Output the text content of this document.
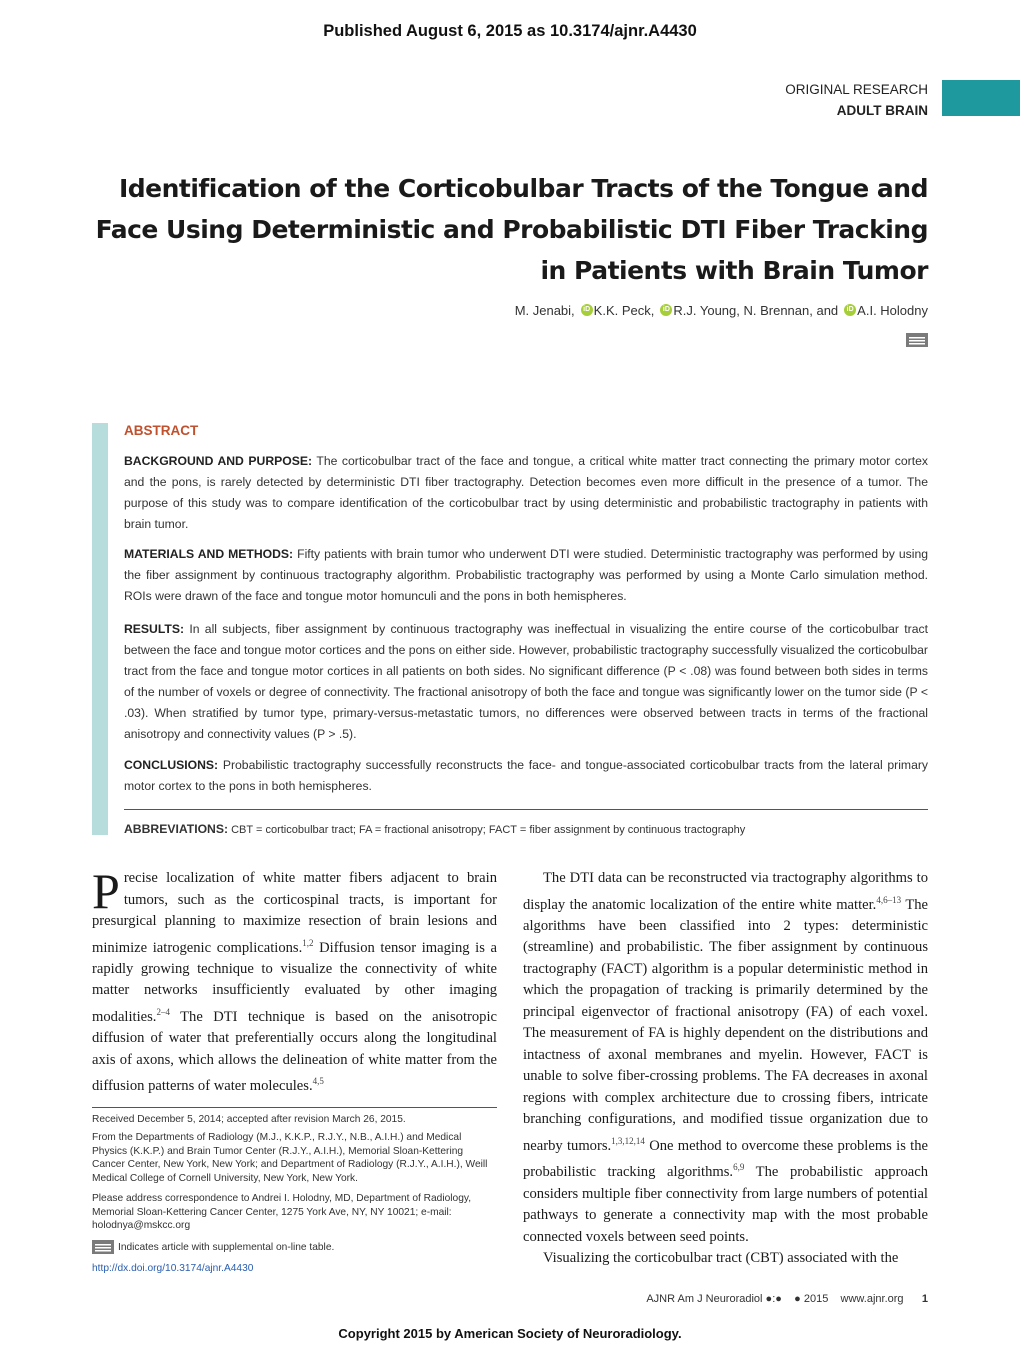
Published August 6, 2015 as 10.3174/ajnr.A4430
ORIGINAL RESEARCH
ADULT BRAIN
Identification of the Corticobulbar Tracts of the Tongue and Face Using Deterministic and Probabilistic DTI Fiber Tracking in Patients with Brain Tumor
M. Jenabi, iD K.K. Peck, iD R.J. Young, N. Brennan, and iD A.I. Holodny
ABSTRACT
BACKGROUND AND PURPOSE: The corticobulbar tract of the face and tongue, a critical white matter tract connecting the primary motor cortex and the pons, is rarely detected by deterministic DTI fiber tractography. Detection becomes even more difficult in the presence of a tumor. The purpose of this study was to compare identification of the corticobulbar tract by using deterministic and probabilistic tractography in patients with brain tumor.
MATERIALS AND METHODS: Fifty patients with brain tumor who underwent DTI were studied. Deterministic tractography was performed by using the fiber assignment by continuous tractography algorithm. Probabilistic tractography was performed by using a Monte Carlo simulation method. ROIs were drawn of the face and tongue motor homunculi and the pons in both hemispheres.
RESULTS: In all subjects, fiber assignment by continuous tractography was ineffectual in visualizing the entire course of the corticobulbar tract between the face and tongue motor cortices and the pons on either side. However, probabilistic tractography successfully visualized the corticobulbar tract from the face and tongue motor cortices in all patients on both sides. No significant difference (P < .08) was found between both sides in terms of the number of voxels or degree of connectivity. The fractional anisotropy of both the face and tongue was significantly lower on the tumor side (P < .03). When stratified by tumor type, primary-versus-metastatic tumors, no differences were observed between tracts in terms of the fractional anisotropy and connectivity values (P > .5).
CONCLUSIONS: Probabilistic tractography successfully reconstructs the face- and tongue-associated corticobulbar tracts from the lateral primary motor cortex to the pons in both hemispheres.
ABBREVIATIONS: CBT = corticobulbar tract; FA = fractional anisotropy; FACT = fiber assignment by continuous tractography
Precise localization of white matter fibers adjacent to brain tumors, such as the corticospinal tracts, is important for presurgical planning to maximize resection of brain lesions and minimize iatrogenic complications.$^{1,2}$ Diffusion tensor imaging is a rapidly growing technique to visualize the connectivity of white matter networks insufficiently evaluated by other imaging modalities.$^{2-4}$ The DTI technique is based on the anisotropic diffusion of water that preferentially occurs along the longitudinal axis of axons, which allows the delineation of white matter from the diffusion patterns of water molecules.$^{4,5}$
Received December 5, 2014; accepted after revision March 26, 2015.
From the Departments of Radiology (M.J., K.K.P., R.J.Y., N.B., A.I.H.) and Medical Physics (K.K.P.) and Brain Tumor Center (R.J.Y., A.I.H.), Memorial Sloan-Kettering Cancer Center, New York, New York; and Department of Radiology (R.J.Y., A.I.H.), Weill Medical College of Cornell University, New York, New York.
Please address correspondence to Andrei I. Holodny, MD, Department of Radiology, Memorial Sloan-Kettering Cancer Center, 1275 York Ave, NY, NY 10021; e-mail: holodnya@mskcc.org
Indicates article with supplemental on-line table.
http://dx.doi.org/10.3174/ajnr.A4430
The DTI data can be reconstructed via tractography algorithms to display the anatomic localization of the entire white matter.$^{4,6-13}$ The algorithms have been classified into 2 types: deterministic (streamline) and probabilistic. The fiber assignment by continuous tractography (FACT) algorithm is a popular deterministic method in which the propagation of tracking is primarily determined by the principal eigenvector of fractional anisotropy (FA) of each voxel. The measurement of FA is highly dependent on the distributions and intactness of axonal membranes and myelin. However, FACT is unable to solve fiber-crossing problems. The FA decreases in axonal regions with complex architecture due to crossing fibers, intricate branching configurations, and modified tissue organization due to nearby tumors.$^{1,3,12,14}$ One method to overcome these problems is the probabilistic tracking algorithms.$^{6,9}$ The probabilistic approach considers multiple fiber connectivity from large numbers of potential pathways to generate a connectivity map with the most probable connected voxels between seed points.
Visualizing the corticobulbar tract (CBT) associated with the
AJNR Am J Neuroradiol ●:● ● 2015 www.ajnr.org 1
Copyright 2015 by American Society of Neuroradiology.
